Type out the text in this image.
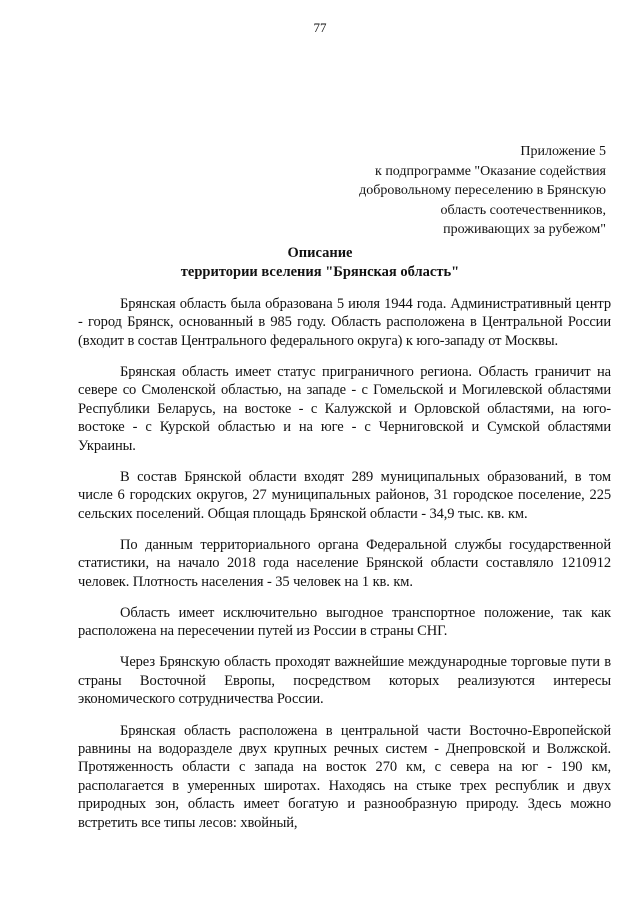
77
Приложение 5
к подпрограмме "Оказание содействия
добровольному переселению в Брянскую
область соотечественников,
проживающих за рубежом"
Описание
территории вселения "Брянская область"

Брянская область была образована 5 июля 1944 года. Административный центр - город Брянск, основанный в 985 году. Область расположена в Центральной России (входит в состав Центрального федерального округа) к юго-западу от Москвы.

Брянская область имеет статус приграничного региона. Область граничит на севере со Смоленской областью, на западе - с Гомельской и Могилевской областями Республики Беларусь, на востоке - с Калужской и Орловской областями, на юго-востоке - с Курской областью и на юге - с Черниговской и Сумской областями Украины.

В состав Брянской области входят 289 муниципальных образований, в том числе 6 городских округов, 27 муниципальных районов, 31 городское поселение, 225 сельских поселений. Общая площадь Брянской области - 34,9 тыс. кв. км.

По данным территориального органа Федеральной службы государственной статистики, на начало 2018 года население Брянской области составляло 1210912 человек. Плотность населения - 35 человек на 1 кв. км.

Область имеет исключительно выгодное транспортное положение, так как расположена на пересечении путей из России в страны СНГ.

Через Брянскую область проходят важнейшие международные торговые пути в страны Восточной Европы, посредством которых реализуются интересы экономического сотрудничества России.

Брянская область расположена в центральной части Восточно-Европейской равнины на водоразделе двух крупных речных систем - Днепровской и Волжской. Протяженность области с запада на восток 270 км, с севера на юг - 190 км, располагается в умеренных широтах. Находясь на стыке трех республик и двух природных зон, область имеет богатую и разнообразную природу. Здесь можно встретить все типы лесов: хвойный,
